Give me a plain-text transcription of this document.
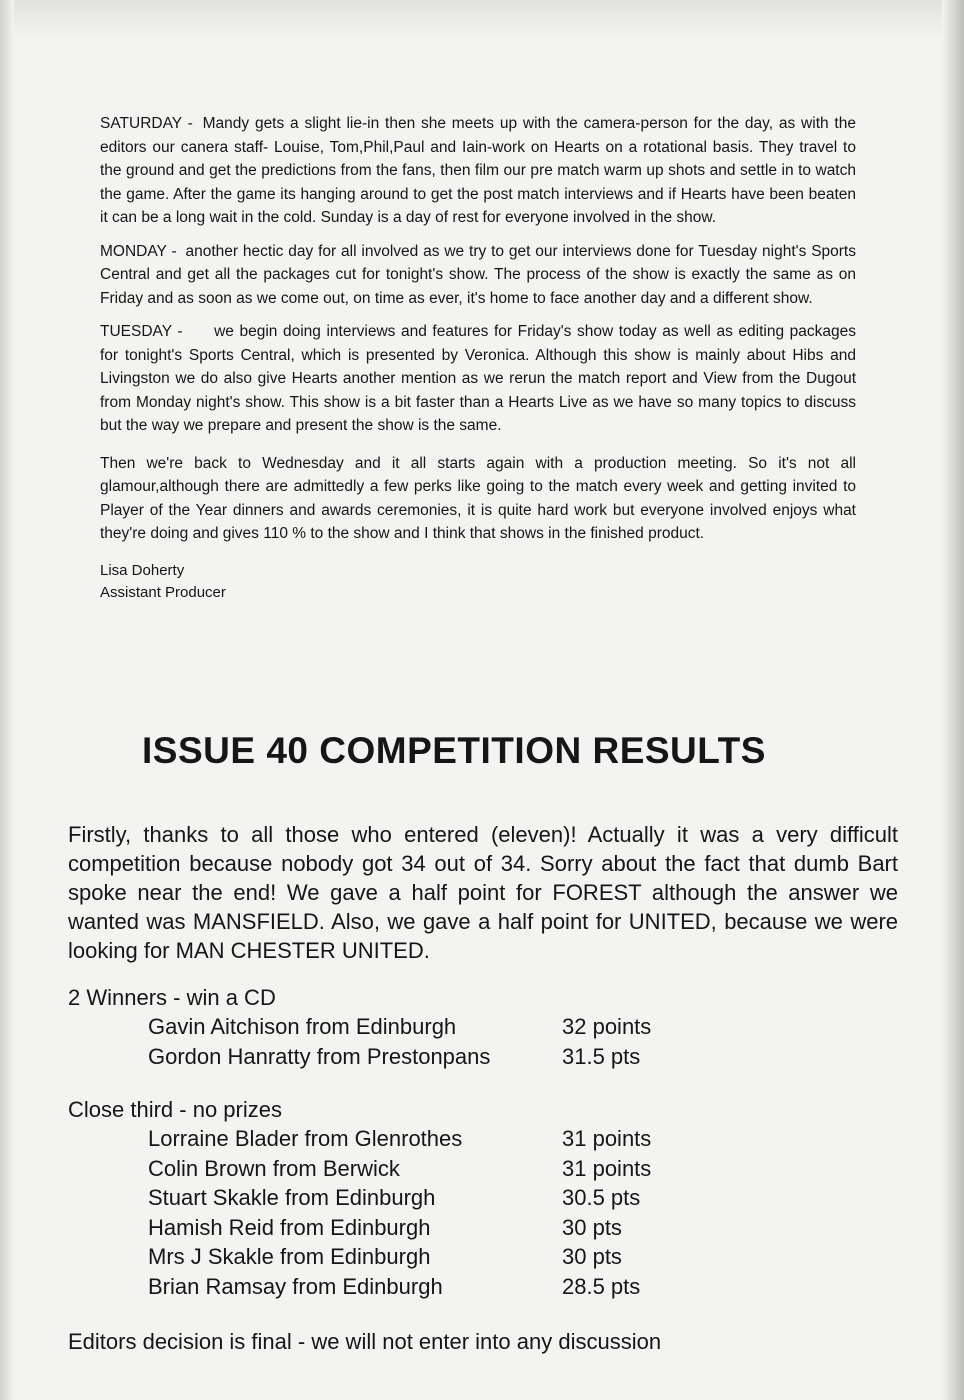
SATURDAY - Mandy gets a slight lie-in then she meets up with the camera-person for the day, as with the editors our canera staff- Louise, Tom,Phil,Paul and Iain-work on Hearts on a rotational basis. They travel to the ground and get the predictions from the fans, then film our pre match warm up shots and settle in to watch the game. After the game its hanging around to get the post match interviews and if Hearts have been beaten it can be a long wait in the cold. Sunday is a day of rest for everyone involved in the show.

MONDAY - another hectic day for all involved as we try to get our interviews done for Tuesday night's Sports Central and get all the packages cut for tonight's show. The process of the show is exactly the same as on Friday and as soon as we come out, on time as ever, it's home to face another day and a different show.

TUESDAY - we begin doing interviews and features for Friday's show today as well as editing packages for tonight's Sports Central, which is presented by Veronica. Although this show is mainly about Hibs and Livingston we do also give Hearts another mention as we rerun the match report and View from the Dugout from Monday night's show. This show is a bit faster than a Hearts Live as we have so many topics to discuss but the way we prepare and present the show is the same.

Then we're back to Wednesday and it all starts again with a production meeting. So it's not all glamour,although there are admittedly a few perks like going to the match every week and getting invited to Player of the Year dinners and awards ceremonies, it is quite hard work but everyone involved enjoys what they're doing and gives 110 % to the show and I think that shows in the finished product.

Lisa Doherty
Assistant Producer
ISSUE 40 COMPETITION RESULTS

Firstly, thanks to all those who entered (eleven)! Actually it was a very difficult competition because nobody got 34 out of 34. Sorry about the fact that dumb Bart spoke near the end! We gave a half point for FOREST although the answer we wanted was MANSFIELD. Also, we gave a half point for UNITED, because we were looking for MAN CHESTER UNITED.

2 Winners - win a CD
Gavin Aitchison from Edinburgh	32 points
Gordon Hanratty from Prestonpans	31.5 pts
Close third - no prizes
Lorraine Blader from Glenrothes	31 points
Colin Brown from Berwick	31 points
Stuart Skakle from Edinburgh	30.5 pts
Hamish Reid from Edinburgh	30 pts
Mrs J Skakle from Edinburgh	30 pts
Brian Ramsay from Edinburgh	28.5 pts
Editors decision is final - we will not enter into any discussion
